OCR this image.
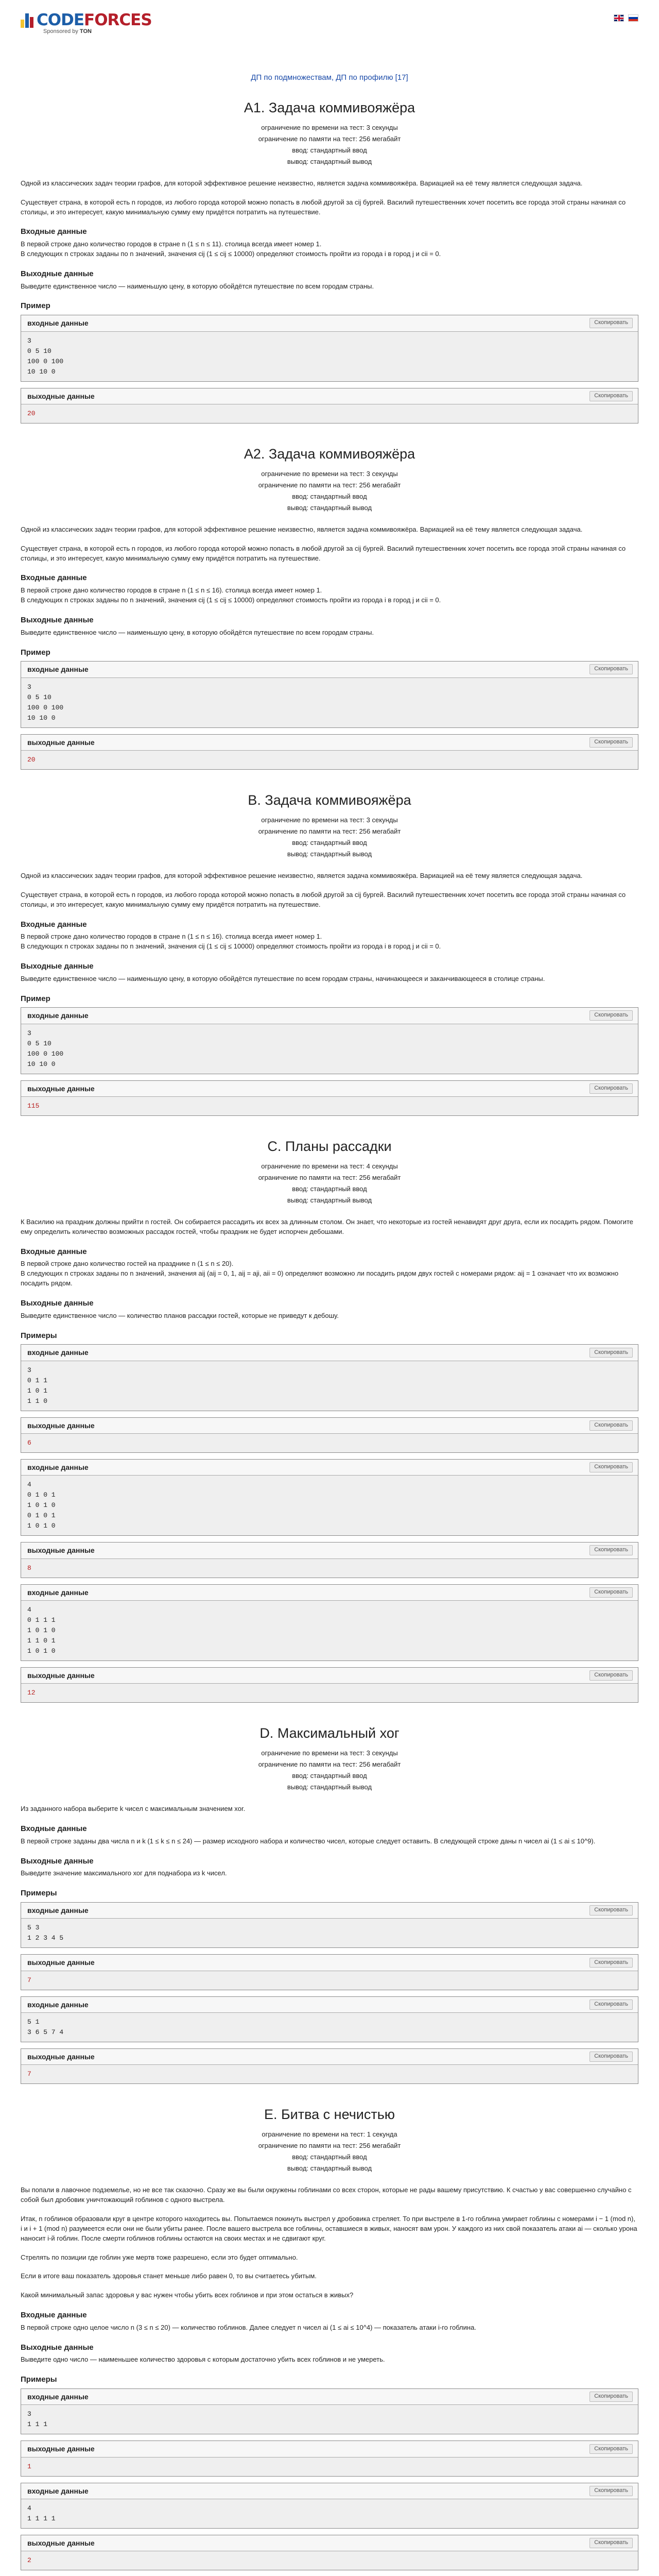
CODEFORCES
Sponsored by TON
ДП по подмножествам, ДП по профилю [17]
A1. Задача коммивояжёра
ограничение по времени на тест: 3 секунды
ограничение по памяти на тест: 256 мегабайт
ввод: стандартный ввод
вывод: стандартный вывод

Одной из классических задач теории графов, для которой эффективное решение неизвестно, является задача коммивояжёра. Вариацией на её тему является следующая задача.

Существует страна, в которой есть n городов, из любого города которой можно попасть в любой другой за cij бургей. Василий путешественник хочет посетить все города этой страны начиная со столицы, и это интересует, какую минимальную сумму ему придётся потратить на путешествие.

Входные данные

В первой строке дано количество городов в стране n (1 ≤ n ≤ 11). столица всегда имеет номер 1.
В следующих n строках заданы по n значений, значения cij (1 ≤ cij ≤ 10000) определяют стоимость пройти из города i в город j и cii = 0.

Выходные данные

Выведите единственное число — наименьшую цену, в которую обойдётся путешествие по всем городам страны.

Пример
входные данные	Скопировать
3
0 5 10
100 0 100
10 10 0
выходные данные	Скопировать
20
A2. Задача коммивояжёра
ограничение по времени на тест: 3 секунды
ограничение по памяти на тест: 256 мегабайт
ввод: стандартный ввод
вывод: стандартный вывод

Одной из классических задач теории графов, для которой эффективное решение неизвестно, является задача коммивояжёра. Вариацией на её тему является следующая задача.

Существует страна, в которой есть n городов, из любого города которой можно попасть в любой другой за cij бургей. Василий путешественник хочет посетить все города этой страны начиная со столицы, и это интересует, какую минимальную сумму ему придётся потратить на путешествие.

Входные данные

В первой строке дано количество городов в стране n (1 ≤ n ≤ 16). столица всегда имеет номер 1.
В следующих n строках заданы по n значений, значения cij (1 ≤ cij ≤ 10000) определяют стоимость пройти из города i в город j и cii = 0.

Выходные данные

Выведите единственное число — наименьшую цену, в которую обойдётся путешествие по всем городам страны.

Пример
входные данные	Скопировать
3
0 5 10
100 0 100
10 10 0
выходные данные	Скопировать
20
B. Задача коммивояжёра
ограничение по времени на тест: 3 секунды
ограничение по памяти на тест: 256 мегабайт
ввод: стандартный ввод
вывод: стандартный вывод

Одной из классических задач теории графов, для которой эффективное решение неизвестно, является задача коммивояжёра. Вариацией на её тему является следующая задача.

Существует страна, в которой есть n городов, из любого города которой можно попасть в любой другой за cij бургей. Василий путешественник хочет посетить все города этой страны начиная со столицы, и это интересует, какую минимальную сумму ему придётся потратить на путешествие.

Входные данные

В первой строке дано количество городов в стране n (1 ≤ n ≤ 16). столица всегда имеет номер 1.
В следующих n строках заданы по n значений, значения cij (1 ≤ cij ≤ 10000) определяют стоимость пройти из города i в город j и cii = 0.

Выходные данные

Выведите единственное число — наименьшую цену, в которую обойдётся путешествие по всем городам страны, начинающееся и заканчивающееся в столице страны.

Пример
входные данные	Скопировать
3
0 5 10
100 0 100
10 10 0
выходные данные	Скопировать
115
C. Планы рассадки
ограничение по времени на тест: 4 секунды
ограничение по памяти на тест: 256 мегабайт
ввод: стандартный ввод
вывод: стандартный вывод

К Василию на праздник должны прийти n гостей. Он собирается рассадить их всех за длинным столом. Он знает, что некоторые из гостей ненавидят друг друга, если их посадить рядом. Помогите ему определить количество возможных рассадок гостей, чтобы праздник не будет испорчен дебошами.

Входные данные

В первой строке дано количество гостей на празднике n (1 ≤ n ≤ 20).
В следующих n строках заданы по n значений, значения aij (aij = 0, 1, aij = aji, aii = 0) определяют возможно ли посадить рядом двух гостей с номерами рядом: aij = 1 означает что их возможно посадить рядом.

Выходные данные

Выведите единственное число — количество планов рассадки гостей, которые не приведут к дебошу.

Примеры
входные данные	Скопировать
3
0 1 1
1 0 1
1 1 0
выходные данные	Скопировать
6
входные данные	Скопировать
4
0 1 0 1
1 0 1 0
0 1 0 1
1 0 1 0
выходные данные	Скопировать
8
входные данные	Скопировать
4
0 1 1 1
1 0 1 0
1 1 0 1
1 0 1 0
выходные данные	Скопировать
12
D. Максимальный хог
ограничение по времени на тест: 3 секунды
ограничение по памяти на тест: 256 мегабайт
ввод: стандартный ввод
вывод: стандартный вывод

Из заданного набора выберите k чисел с максимальным значением xor.

Входные данные

В первой строке заданы два числа n и k (1 ≤ k ≤ n ≤ 24) — размер исходного набора и количество чисел, которые следует оставить. В следующей строке даны n чисел ai (1 ≤ ai ≤ 10^9).

Выходные данные

Выведите значение максимального хог для поднабора из k чисел.

Примеры
входные данные	Скопировать
5 3
1 2 3 4 5
выходные данные	Скопировать
7
входные данные	Скопировать
5 1
3 6 5 7 4
выходные данные	Скопировать
7
E. Битва с нечистью
ограничение по времени на тест: 1 секунда
ограничение по памяти на тест: 256 мегабайт
ввод: стандартный ввод
вывод: стандартный вывод

Вы попали в лавочное подземелье, но не все так сказочно. Сразу же вы были окружены гоблинами со всех сторон, которые не рады вашему присутствию. К счастью у вас совершенно случайно с собой был дробовик уничтожающий гоблинов с одного выстрела.

Итак, n гоблинов образовали круг в центре которого находитесь вы. Попытаемся покинуть выстрел у дробовика стреляет. То при выстреле в 1-го гоблина умирает гоблины с номерами i − 1 (mod n), i и i + 1 (mod n) разумеется если они не были убиты ранее. После вашего выстрела все гоблины, оставшиеся в живых, наносят вам урон. У каждого из них свой показатель атаки ai — сколько урона наносит i-й гоблин. После смерти гоблинов гоблины остаются на своих местах и не сдвигают круг.

Стрелять по позиции где гоблин уже мертв тоже разрешено, если это будет оптимально.

Если в итоге ваш показатель здоровья станет меньше либо равен 0, то вы считаетесь убитым.

Какой минимальный запас здоровья у вас нужен чтобы убить всех гоблинов и при этом остаться в живых?

Входные данные

В первой строке одно целое число n (3 ≤ n ≤ 20) — количество гоблинов. Далее следует n чисел ai (1 ≤ ai ≤ 10^4) — показатель атаки i-го гоблина.

Выходные данные

Выведите одно число — наименьшее количество здоровья с которым достаточно убить всех гоблинов и не умереть.

Примеры
входные данные	Скопировать
3
1 1 1
выходные данные	Скопировать
1
входные данные	Скопировать
4
1 1 1 1
выходные данные	Скопировать
2
